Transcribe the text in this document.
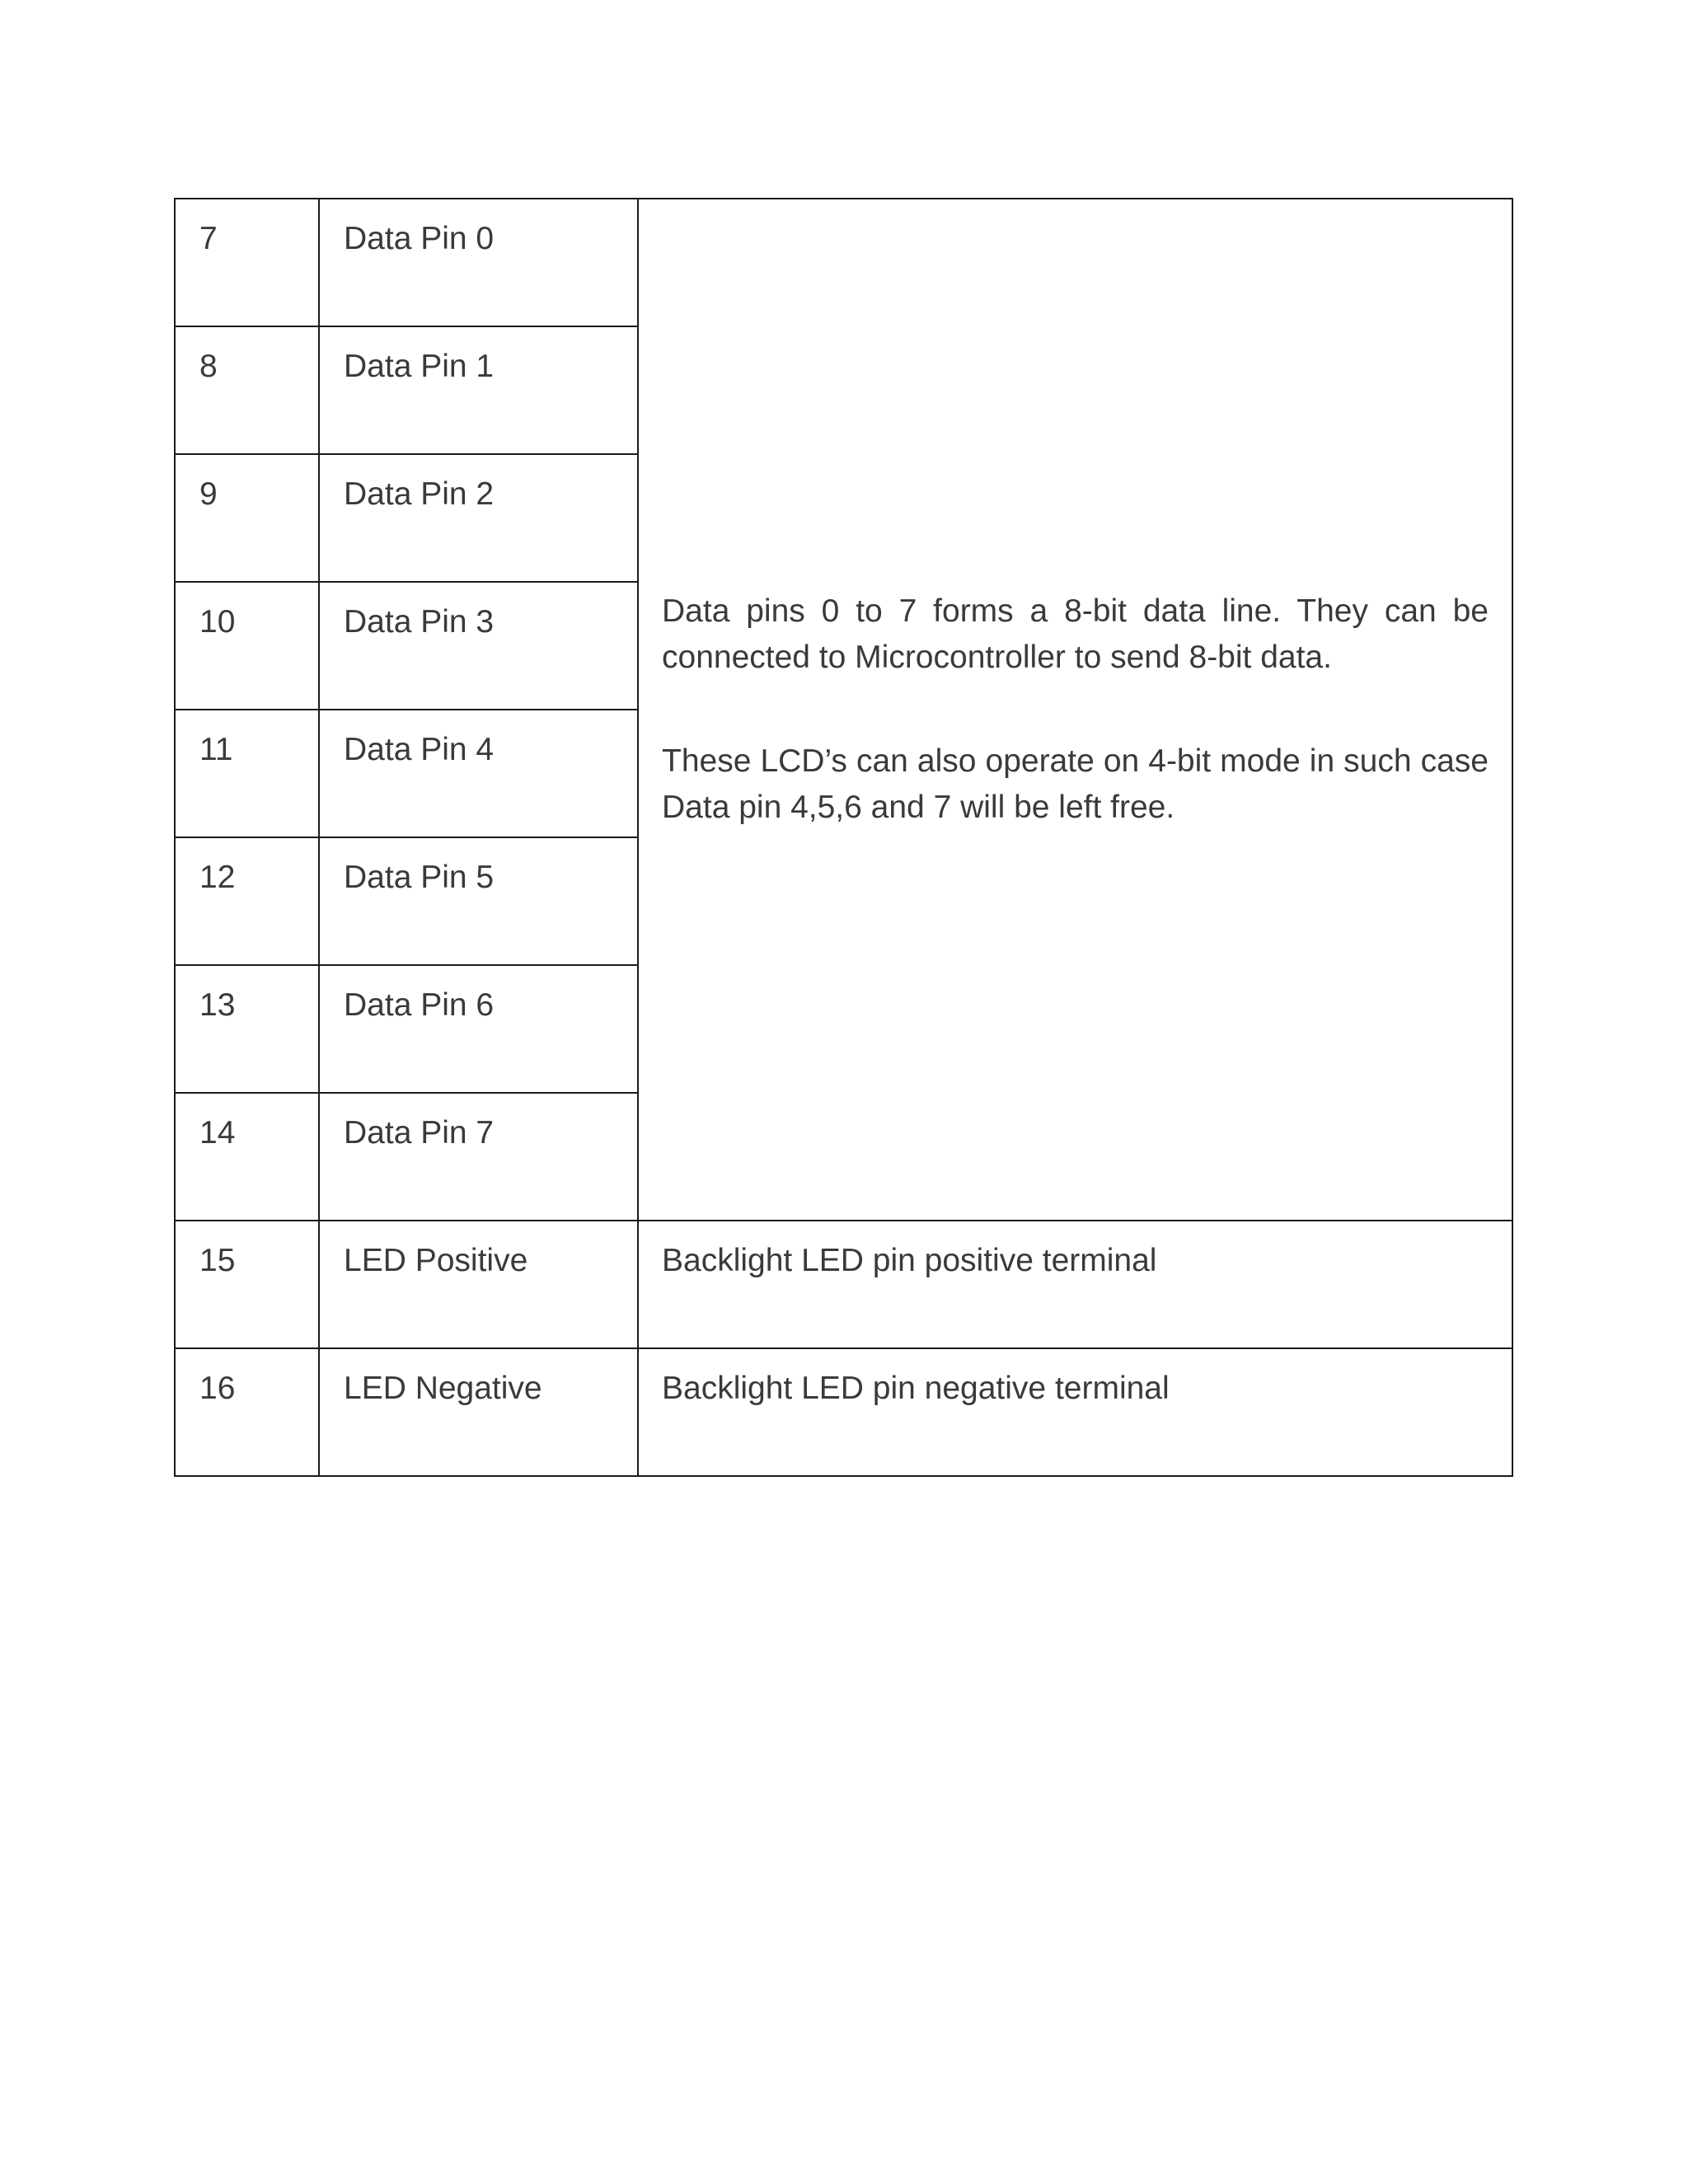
7	Data Pin 0	Data pins 0 to 7 forms a 8-bit data line. They can be connected to Microcontroller to send 8-bit data.

These LCD’s can also operate on 4-bit mode in such case Data pin 4,5,6 and 7 will be left free.

8	Data Pin 1	
9	Data Pin 2	
10	Data Pin 3	
11	Data Pin 4	
12	Data Pin 5	
13	Data Pin 6	
14	Data Pin 7	
15	LED Positive	Backlight LED pin positive terminal
16	LED Negative	Backlight LED pin negative terminal
